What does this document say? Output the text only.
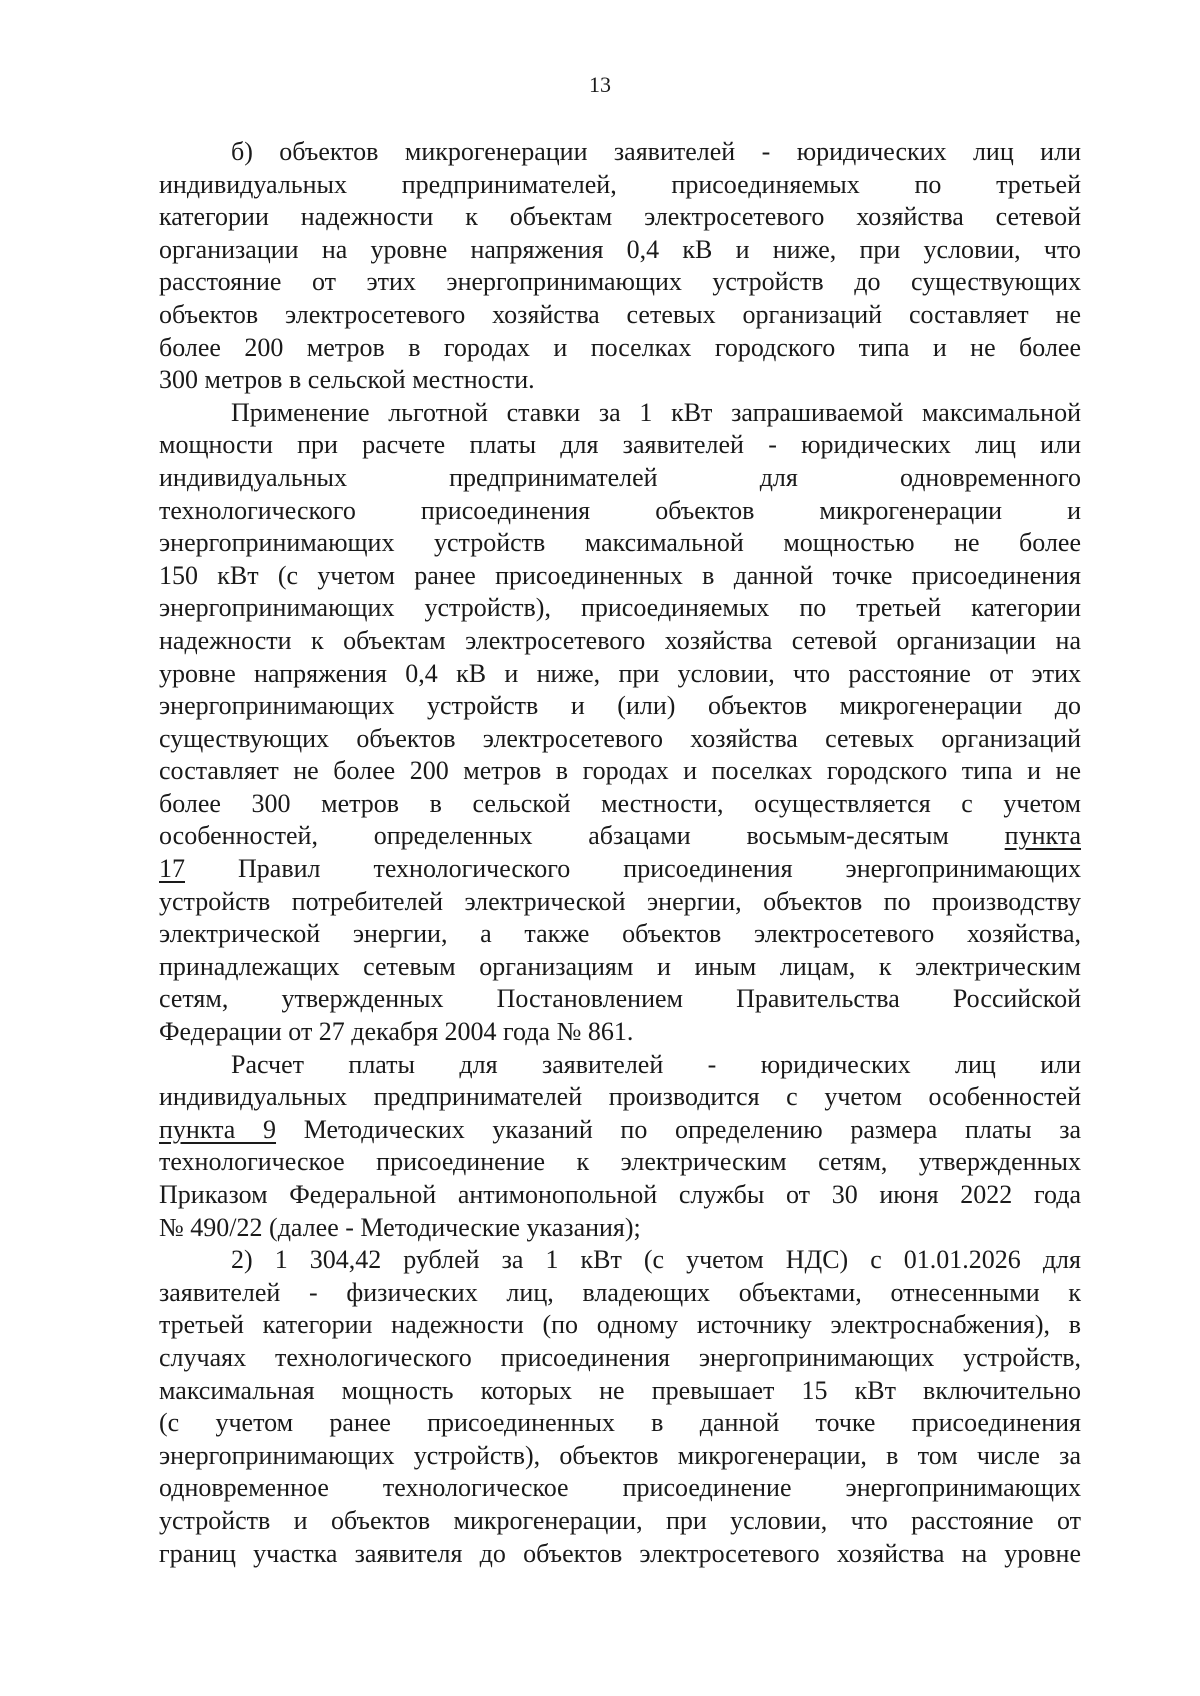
13
б) объектов микрогенерации заявителей - юридических лиц или
индивидуальных предпринимателей, присоединяемых по третьей
категории надежности к объектам электросетевого хозяйства сетевой
организации на уровне напряжения 0,4 кВ и ниже, при условии, что
расстояние от этих энергопринимающих устройств до существующих
объектов электросетевого хозяйства сетевых организаций составляет не
более 200 метров в городах и поселках городского типа и не более
300 метров в сельской местности.
Применение льготной ставки за 1 кВт запрашиваемой максимальной
мощности при расчете платы для заявителей - юридических лиц или
индивидуальных предпринимателей для одновременного
технологического присоединения объектов микрогенерации и
энергопринимающих устройств максимальной мощностью не более
150 кВт (с учетом ранее присоединенных в данной точке присоединения
энергопринимающих устройств), присоединяемых по третьей категории
надежности к объектам электросетевого хозяйства сетевой организации на
уровне напряжения 0,4 кВ и ниже, при условии, что расстояние от этих
энергопринимающих устройств и (или) объектов микрогенерации до
существующих объектов электросетевого хозяйства сетевых организаций
составляет не более 200 метров в городах и поселках городского типа и не
более 300 метров в сельской местности, осуществляется с учетом
особенностей, определенных абзацами восьмым-десятым пункта
17 Правил технологического присоединения энергопринимающих
устройств потребителей электрической энергии, объектов по производству
электрической энергии, а также объектов электросетевого хозяйства,
принадлежащих сетевым организациям и иным лицам, к электрическим
сетям, утвержденных Постановлением Правительства Российской
Федерации от 27 декабря 2004 года № 861.
Расчет платы для заявителей - юридических лиц или
индивидуальных предпринимателей производится с учетом особенностей
пункта 9 Методических указаний по определению размера платы за
технологическое присоединение к электрическим сетям, утвержденных
Приказом Федеральной антимонопольной службы от 30 июня 2022 года
№ 490/22 (далее - Методические указания);
2) 1 304,42 рублей за 1 кВт (с учетом НДС) с 01.01.2026 для
заявителей - физических лиц, владеющих объектами, отнесенными к
третьей категории надежности (по одному источнику электроснабжения), в
случаях технологического присоединения энергопринимающих устройств,
максимальная мощность которых не превышает 15 кВт включительно
(с учетом ранее присоединенных в данной точке присоединения
энергопринимающих устройств), объектов микрогенерации, в том числе за
одновременное технологическое присоединение энергопринимающих
устройств и объектов микрогенерации, при условии, что расстояние от
границ участка заявителя до объектов электросетевого хозяйства на уровне
